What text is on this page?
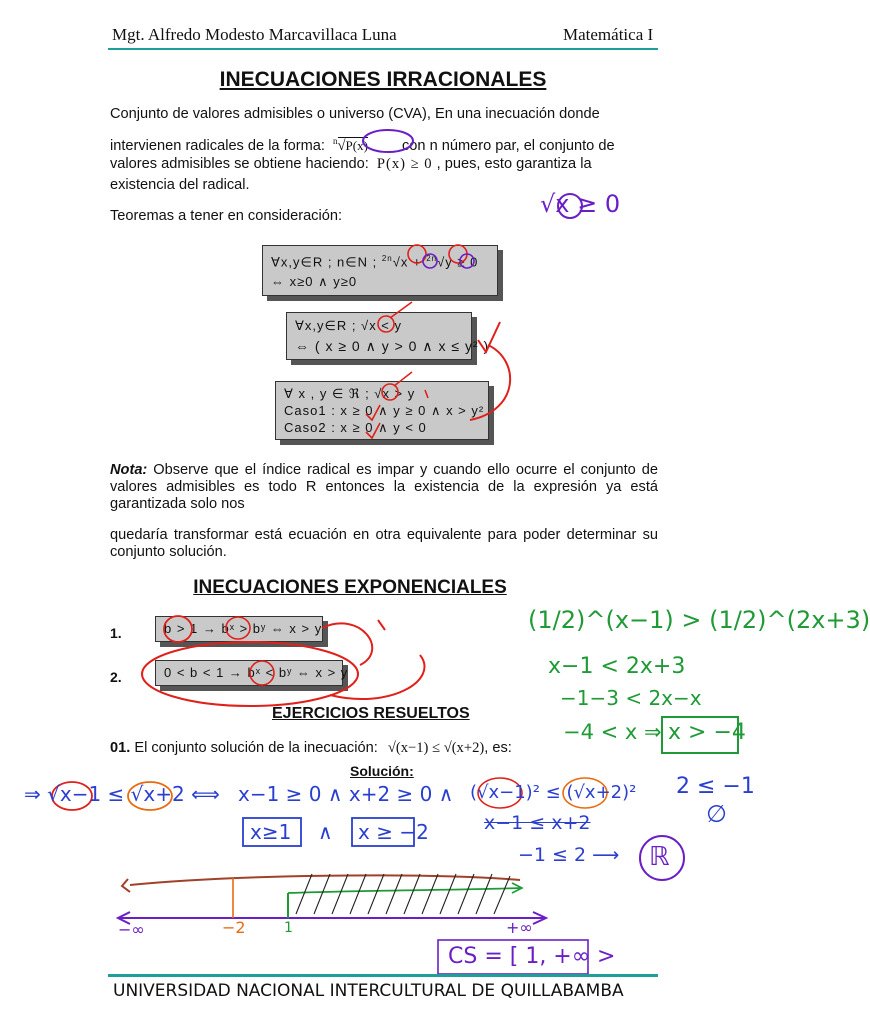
Mgt. Alfredo Modesto Marcavillaca Luna	Matemática I
INECUACIONES IRRACIONALES
Conjunto de valores admisibles o universo (CVA), En una inecuación donde
intervienen radicales de la forma: $^n$√P(x) con n número par, el conjunto de
valores admisibles se obtiene haciendo: P(x) ≥ 0 , pues, esto garantiza la
existencia del radical.
Teoremas a tener en consideración:
∀x,y∈R ; n∈N ; $^{2n}$√x + $^{2n}$√y ≥ 0
⇔ x≥0 ∧ y≥0
∀x,y∈R ; √x < y
⇔ ( x ≥ 0 ∧ y > 0 ∧ x ≤ y² )
∀ x , y ∈ ℜ ; √x > y
Caso1 : x ≥ 0 ∧ y ≥ 0 ∧ x > y²
Caso2 : x ≥ 0 ∧ y < 0
Nota: Observe que el índice radical es impar y cuando ello ocurre el conjunto de valores admisibles es todo R entonces la existencia de la expresión ya está garantizada solo nos
quedaría transformar está ecuación en otra equivalente para poder determinar su conjunto solución.
INECUACIONES EXPONENCIALES
1.	b > 1 → bˣ > bʸ ⇔ x > y
2.	0 < b < 1 → bˣ < bʸ ⇔ x > y
EJERCICIOS RESUELTOS
01. El conjunto solución de la inecuación: √(x−1) ≤ √(x+2), es:
Solución:
√x ≥ 0
(1/2)^(x−1) > (1/2)^(2x+3)
x−1 < 2x+3
−1−3 < 2x−x
−4 < x ⇒ x > −4
⇒ √x−1 ≤ √x+2 ⟺ x−1 ≥ 0 ∧ x+2 ≥ 0 ∧ (√x−1)² ≤ (√x+2)² 2 ≤ −1
∅
x≥1 ∧ x ≥ −2	x−1 ≤ x+2
−1 ≤ 2 ⟶ ℝ
−∞	−2	1	+∞
CS = [ 1, +∞ >
UNIVERSIDAD NACIONAL INTERCULTURAL DE QUILLABAMBA
